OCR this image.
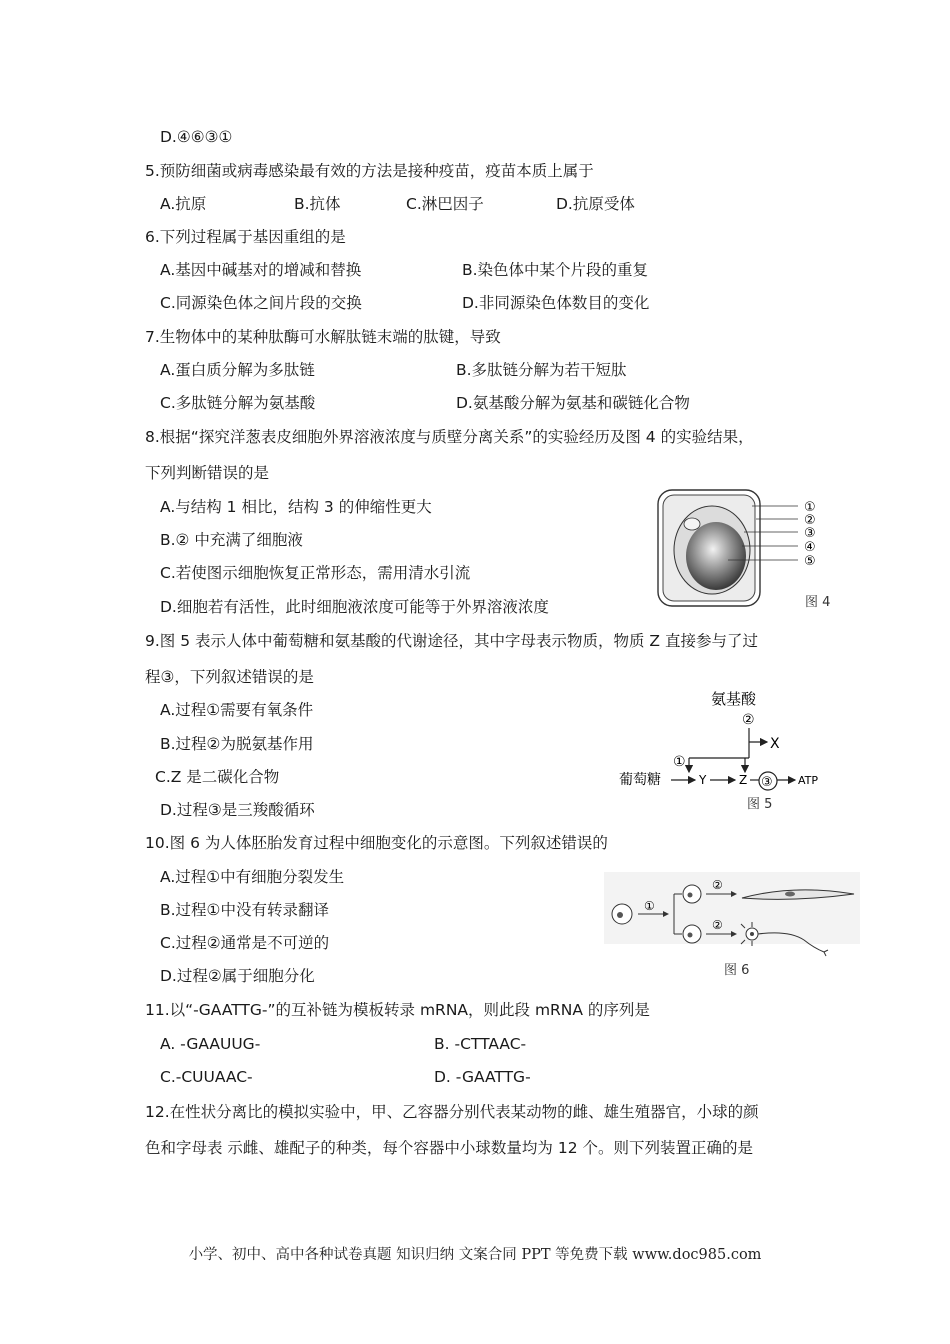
D.④⑥③①
5.预防细菌或病毒感染最有效的方法是接种疫苗，疫苗本质上属于
A.抗原	B.抗体	C.淋巴因子	D.抗原受体
6.下列过程属于基因重组的是
A.基因中碱基对的增减和替换	B.染色体中某个片段的重复
C.同源染色体之间片段的交换	D.非同源染色体数目的变化
7.生物体中的某种肽酶可水解肽链末端的肽键，导致
A.蛋白质分解为多肽链	B.多肽链分解为若干短肽
C.多肽链分解为氨基酸	D.氨基酸分解为氨基和碳链化合物
8.根据“探究洋葱表皮细胞外界溶液浓度与质壁分离关系”的实验经历及图 4 的实验结果，
下列判断错误的是
A.与结构 1 相比，结构 3 的伸缩性更大
B.② 中充满了细胞液
C.若使图示细胞恢复正常形态，需用清水引流
D.细胞若有活性，此时细胞液浓度可能等于外界溶液浓度
①
②
③
④
⑤
图 4
9.图 5 表示人体中葡萄糖和氨基酸的代谢途径，其中字母表示物质，物质 Z 直接参与了过
程③，下列叙述错误的是
A.过程①需要有氧条件
B.过程②为脱氨基作用
C.Z 是二碳化合物
D.过程③是三羧酸循环
氨基酸
②
X
①
葡萄糖	Y	Z ③ ATP
图 5
10.图 6 为人体胚胎发育过程中细胞变化的示意图。下列叙述错误的
A.过程①中有细胞分裂发生
B.过程①中没有转录翻译
C.过程②通常是不可逆的
D.过程②属于细胞分化
①
②
②
图 6
11.以“-GAATTG-”的互补链为模板转录 mRNA，则此段 mRNA 的序列是
A. -GAAUUG-	B. -CTTAAC-
C.-CUUAAC-	D. -GAATTG-
12.在性状分离比的模拟实验中，甲、乙容器分别代表某动物的雌、雄生殖器官，小球的颜
色和字母表 示雌、雄配子的种类，每个容器中小球数量均为 12 个。则下列装置正确的是
小学、初中、高中各种试卷真题 知识归纳 文案合同 PPT 等免费下载 www.doc985.com
